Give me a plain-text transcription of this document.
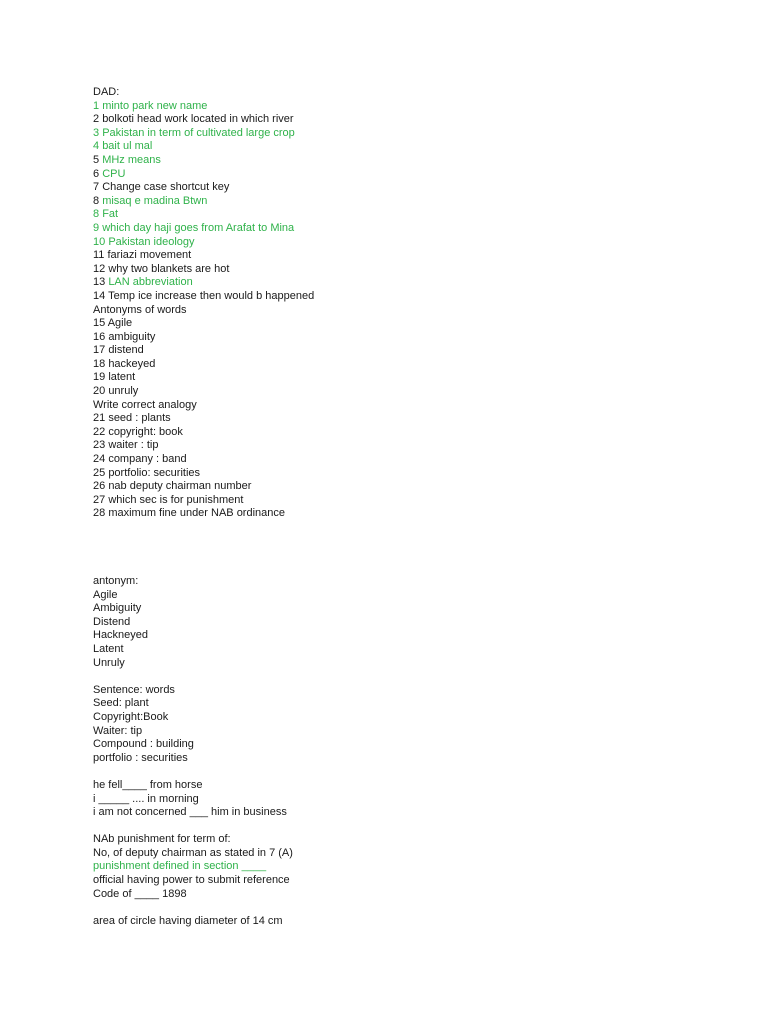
DAD:
1 minto park new name
2 bolkoti head work located in which river
3 Pakistan in term of cultivated large crop
4 bait ul mal
5 MHz means
6 CPU
7 Change case shortcut key
8 misaq e madina Btwn
8 Fat
9 which day haji goes from Arafat to Mina
10 Pakistan ideology
11 fariazi movement
12 why two blankets are hot
13 LAN abbreviation
14 Temp ice increase then would b happened
Antonyms of words
15 Agile
16 ambiguity
17 distend
18 hackeyed
19 latent
20 unruly
Write correct analogy
21 seed : plants
22 copyright: book
23 waiter : tip
24 company : band
25 portfolio: securities
26 nab deputy chairman number
27 which sec is for punishment
28 maximum fine under NAB ordinance
antonym:
Agile
Ambiguity
Distend
Hackneyed
Latent
Unruly
Sentence: words
Seed: plant
Copyright:Book
Waiter: tip
Compound : building
portfolio : securities
he fell____ from horse
i _____ .... in morning
i am not concerned ___ him in business
NAb punishment for term of:
No, of deputy chairman as stated in 7 (A)
punishment defined in section ____
official having power to submit reference
Code of ____ 1898
area of circle having diameter of 14 cm
